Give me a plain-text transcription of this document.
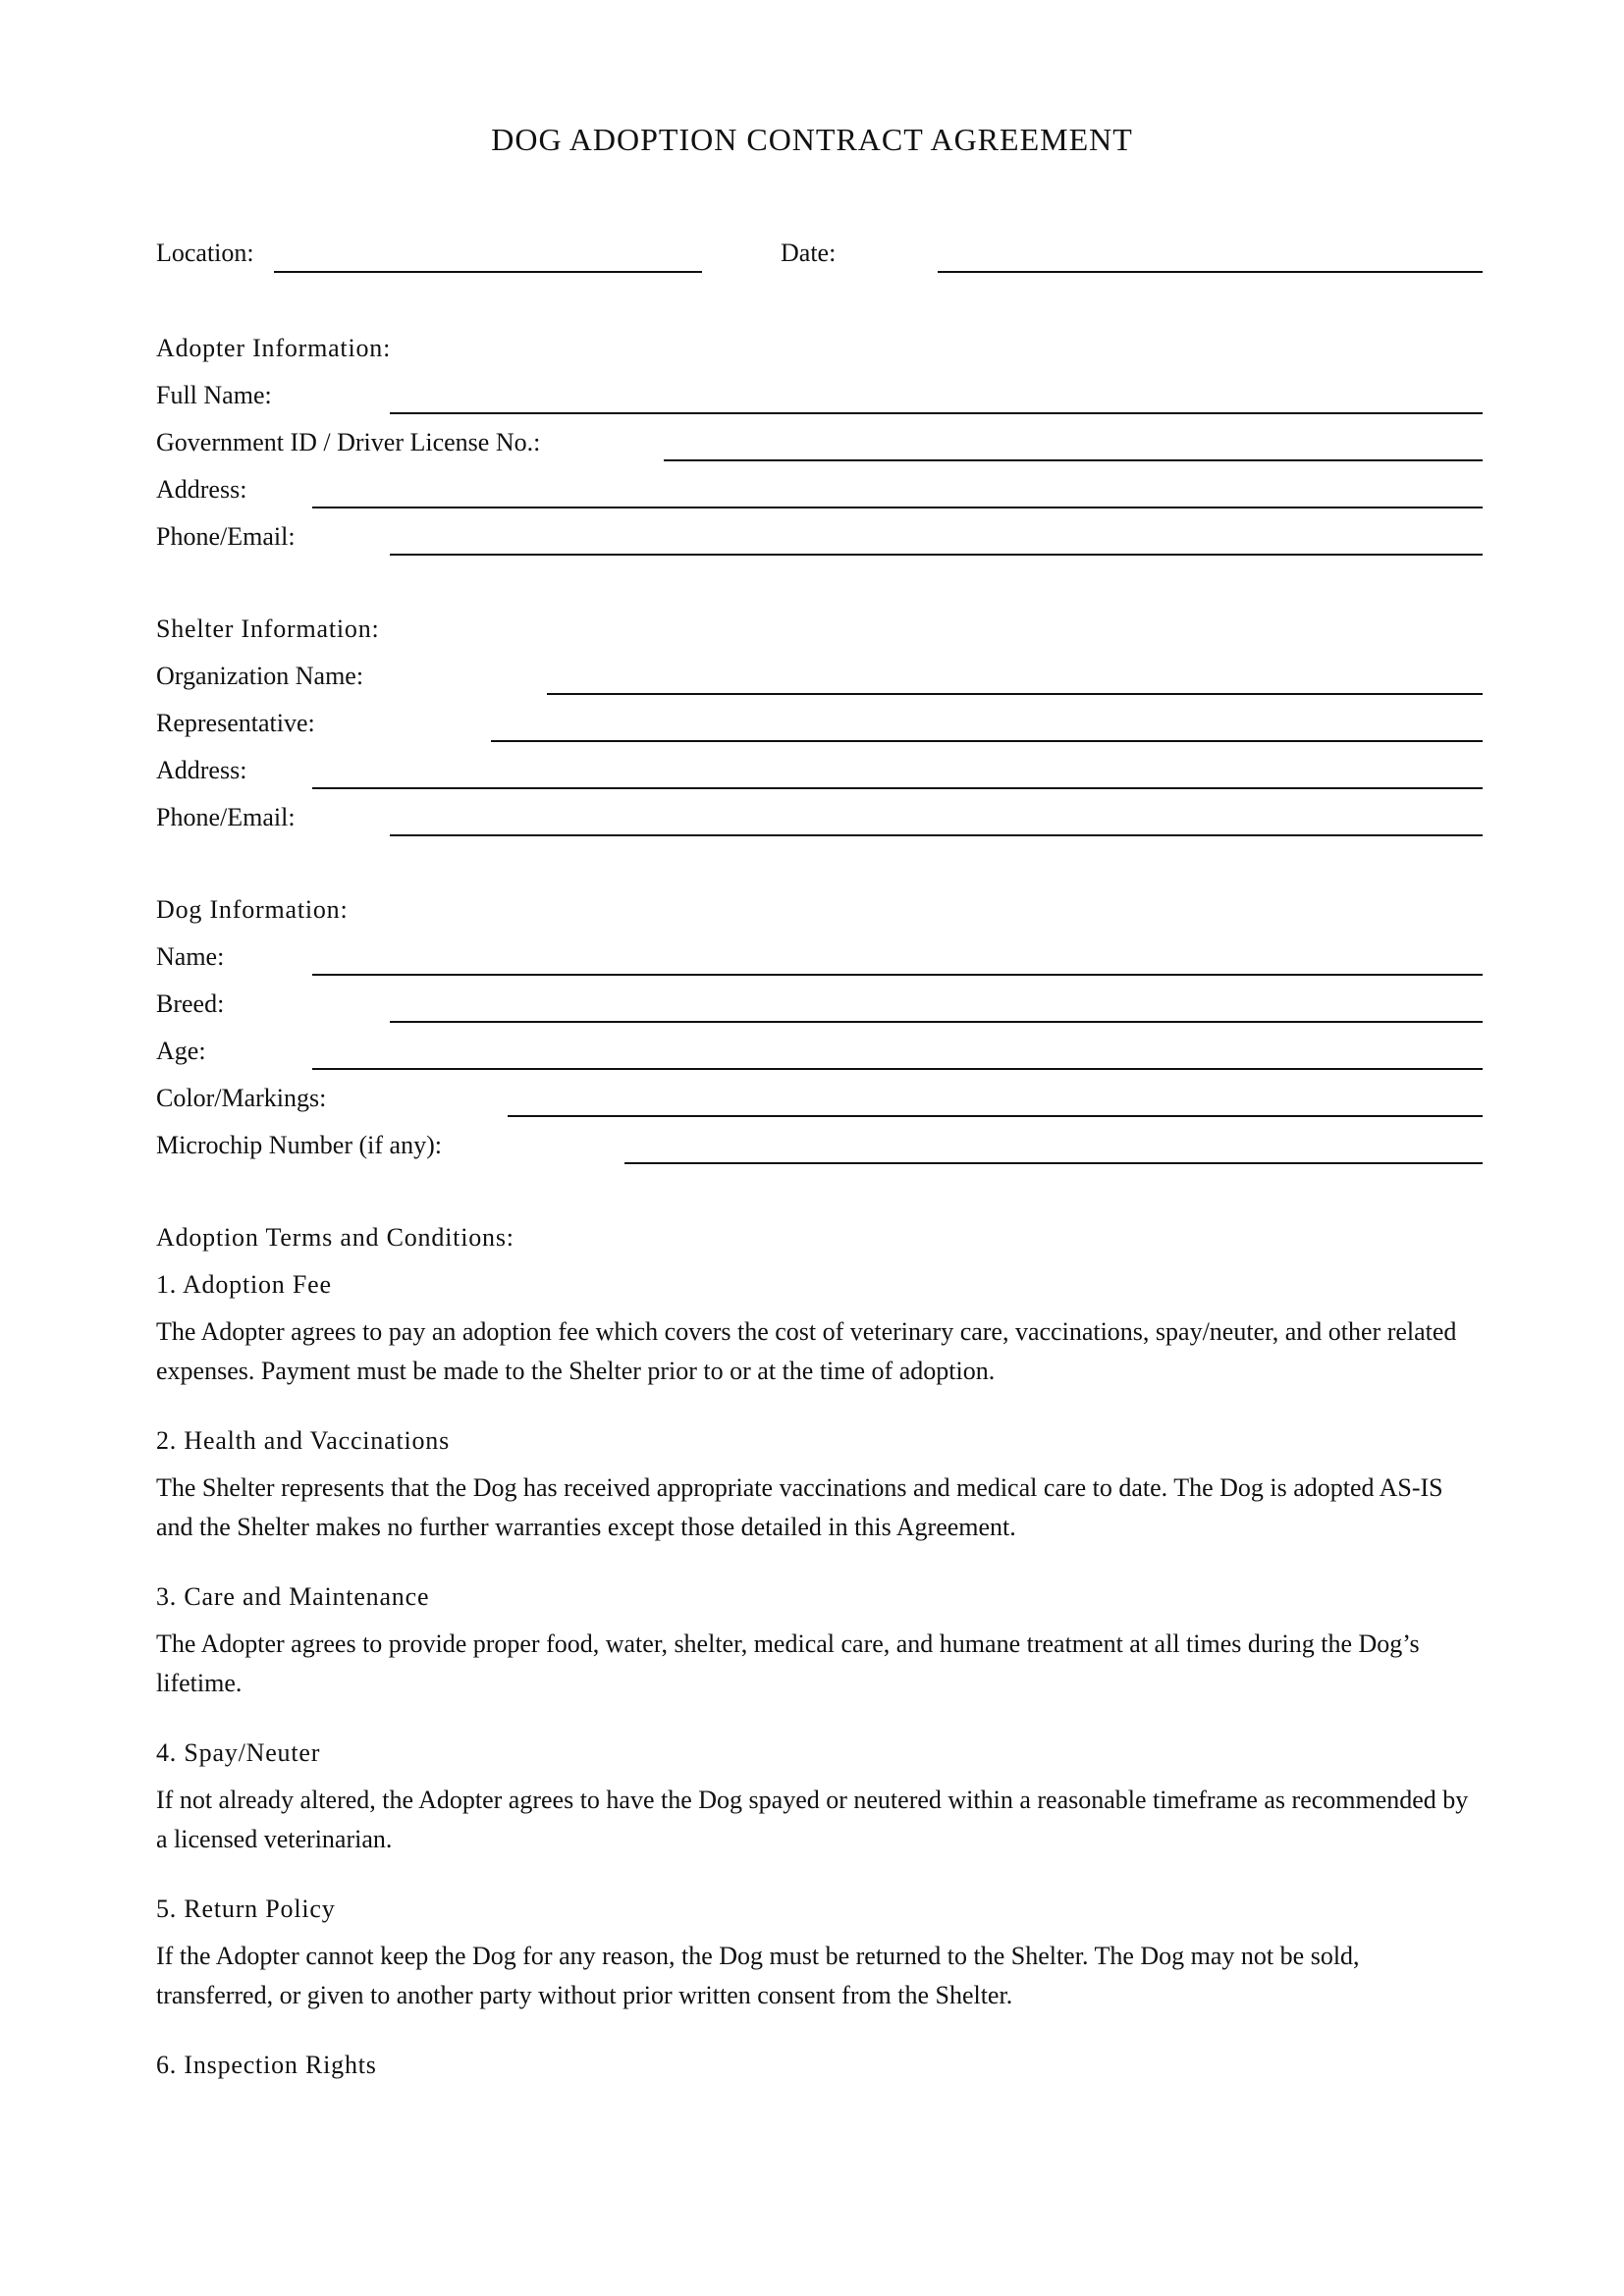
DOG ADOPTION CONTRACT AGREEMENT
Location:	Date:
Adopter Information:
Full Name:
Government ID / Driver License No.:
Address:
Phone/Email:
Shelter Information:
Organization Name:
Representative:
Address:
Phone/Email:
Dog Information:
Name:
Breed:
Age:
Color/Markings:
Microchip Number (if any):
Adoption Terms and Conditions:
1. Adoption Fee

The Adopter agrees to pay an adoption fee which covers the cost of veterinary care, vaccinations, spay/neuter, and other related expenses. Payment must be made to the Shelter prior to or at the time of adoption.

2. Health and Vaccinations

The Shelter represents that the Dog has received appropriate vaccinations and medical care to date. The Dog is adopted AS-IS and the Shelter makes no further warranties except those detailed in this Agreement.

3. Care and Maintenance

The Adopter agrees to provide proper food, water, shelter, medical care, and humane treatment at all times during the Dog’s lifetime.

4. Spay/Neuter

If not already altered, the Adopter agrees to have the Dog spayed or neutered within a reasonable timeframe as recommended by a licensed veterinarian.

5. Return Policy

If the Adopter cannot keep the Dog for any reason, the Dog must be returned to the Shelter. The Dog may not be sold, transferred, or given to another party without prior written consent from the Shelter.

6. Inspection Rights
